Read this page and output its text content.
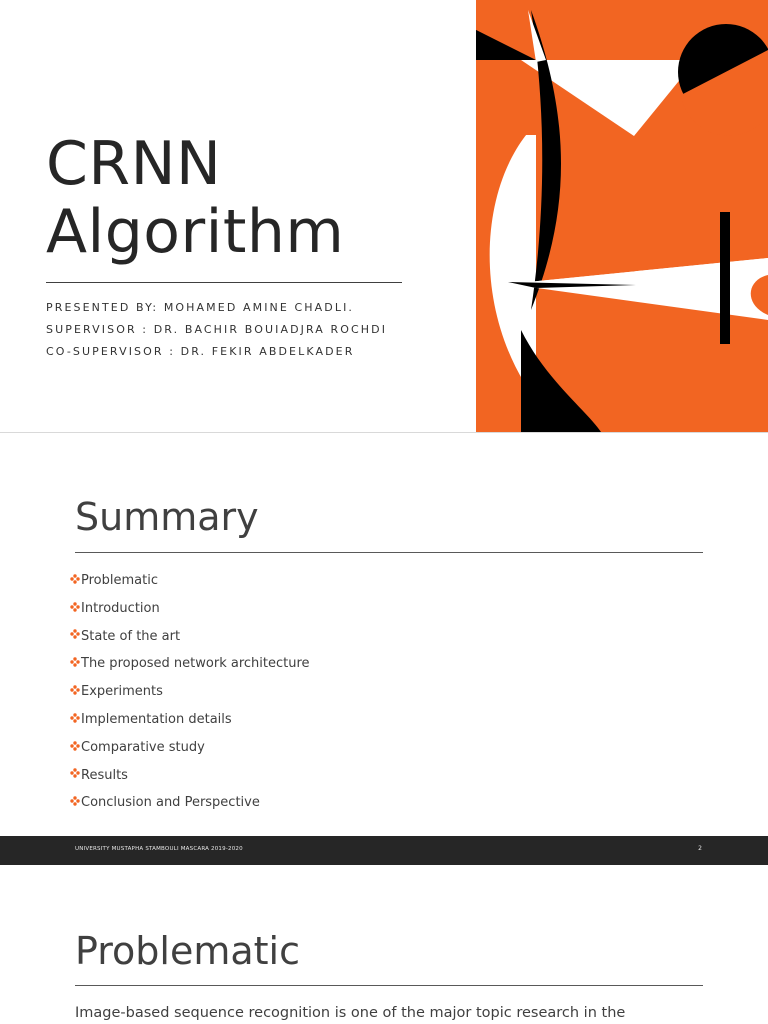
CRNN
Algorithm
PRESENTED BY: MOHAMED AMINE CHADLI.
SUPERVISOR : DR. BACHIR BOUIADJRA ROCHDI
CO-SUPERVISOR : DR. FEKIR ABDELKADER
Summary
Problematic
Introduction
State of the art
The proposed network architecture
Experiments
Implementation details
Comparative study
Results
Conclusion and Perspective
UNIVERSITY MUSTAPHA STAMBOULI MASCARA 2019-2020	2
Problematic
Image-based sequence recognition is one of the major topic research in the
